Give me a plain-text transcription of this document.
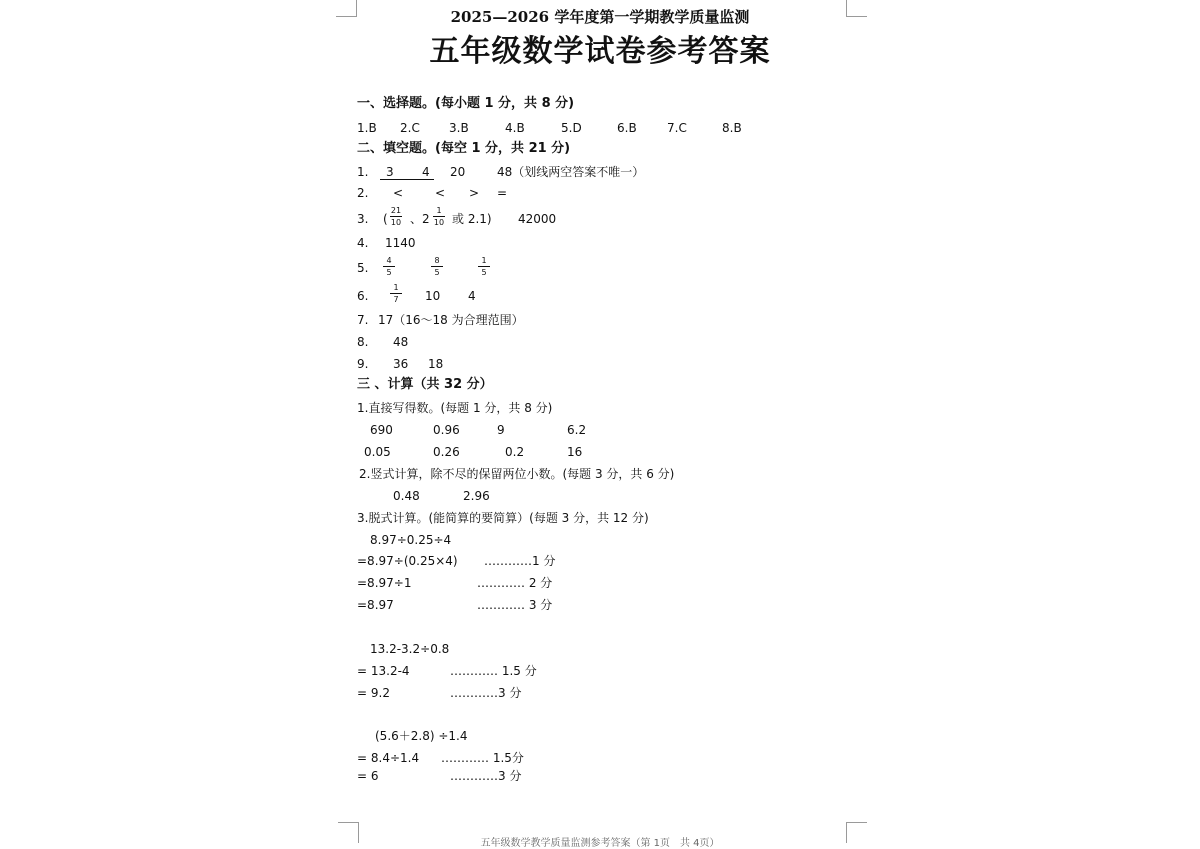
2025—2026 学年度第一学期教学质量监测
五年级数学试卷参考答案
一、选择题。(每小题 1 分，共 8 分)
1.B 2.C 3.B	4.B	5.D	6.B	7.C	8.B
二、填空题。(每空 1 分，共 21 分)
1. 3 4 20	48（划线两空答案不唯一）
2. <	< > =
3. (
21
10 、2
1
10 或 2.1) 42000
4. 1140
5.
4
5
8
5
1
5
6.
1
7 10 4
7. 17（16～18 为合理范围）
8. 48
9. 36 18
三 、计算（共 32 分）
1.直接写得数。(每题 1 分，共 8 分)
690	0.96	9	6.2
0.05	0.26	0.2	16
2.竖式计算，除不尽的保留两位小数。(每题 3 分，共 6 分)
0.48	2.96
3.脱式计算。(能简算的要简算）(每题 3 分，共 12 分)
8.97÷0.25÷4
=8.97÷(0.25×4) …………1 分
=8.97÷1	………… 2 分
=8.97	………… 3 分
13.2-3.2÷0.8
= 13.2-4	………… 1.5 分
= 9.2	…………3 分
(5.6＋2.8) ÷1.4
= 8.4÷1.4 ………… 1.5分
= 6	…………3 分
五年级数学教学质量监测参考答案（第 1页　共 4页）
